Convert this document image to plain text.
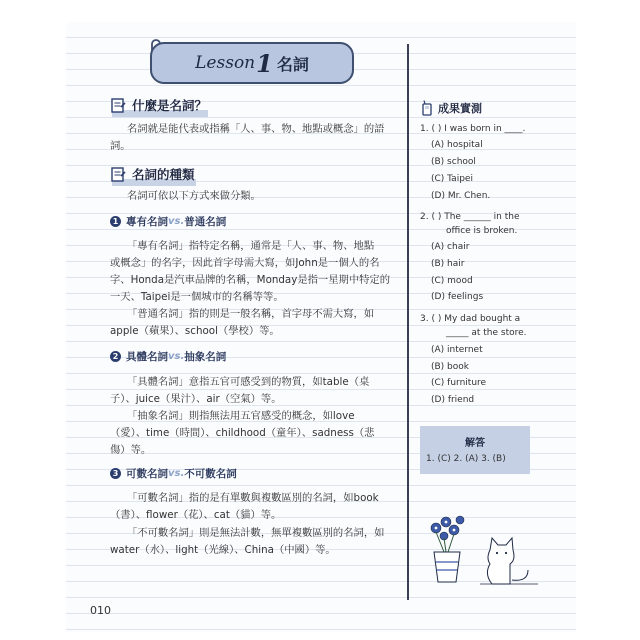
Lesson 1 名詞
什麼是名詞？
名詞就是能代表或指稱「人、事、物、地點或概念」的語
詞。
名詞的種類
名詞可依以下方式來做分類。
1 專有名詞 vs. 普通名詞
「專有名詞」指特定名稱，通常是「人、事、物、地點
或概念」的名字，因此首字母需大寫，如John是一個人的名
字、Honda是汽車品牌的名稱，Monday是指一星期中特定的
一天、Taipei是一個城市的名稱等等。
「普通名詞」指的則是一般名稱，首字母不需大寫，如
apple（蘋果）、school（學校）等。
2 具體名詞 vs. 抽象名詞
「具體名詞」意指五官可感受到的物質，如table（桌
子）、juice（果汁）、air（空氣）等。
「抽象名詞」則指無法用五官感受的概念，如love
（愛）、time（時間）、childhood（童年）、sadness（悲
傷）等。
3 可數名詞 vs. 不可數名詞
「可數名詞」指的是有單數與複數區別的名詞，如book
（書）、flower（花）、cat（貓）等。
「不可數名詞」則是無法計數，無單複數區別的名詞，如
water（水）、light（光線）、China（中國）等。
成果實測
1. ( ) I was born in ____.
(A) hospital
(B) school
(C) Taipei
(D) Mr. Chen.
2. ( ) The ______ in the
office is broken.
(A) chair
(B) hair
(C) mood
(D) feelings
3. ( ) My dad bought a
_____ at the store.
(A) internet
(B) book
(C) furniture
(D) friend
解答
1. (C) 2. (A) 3. (B)
010
